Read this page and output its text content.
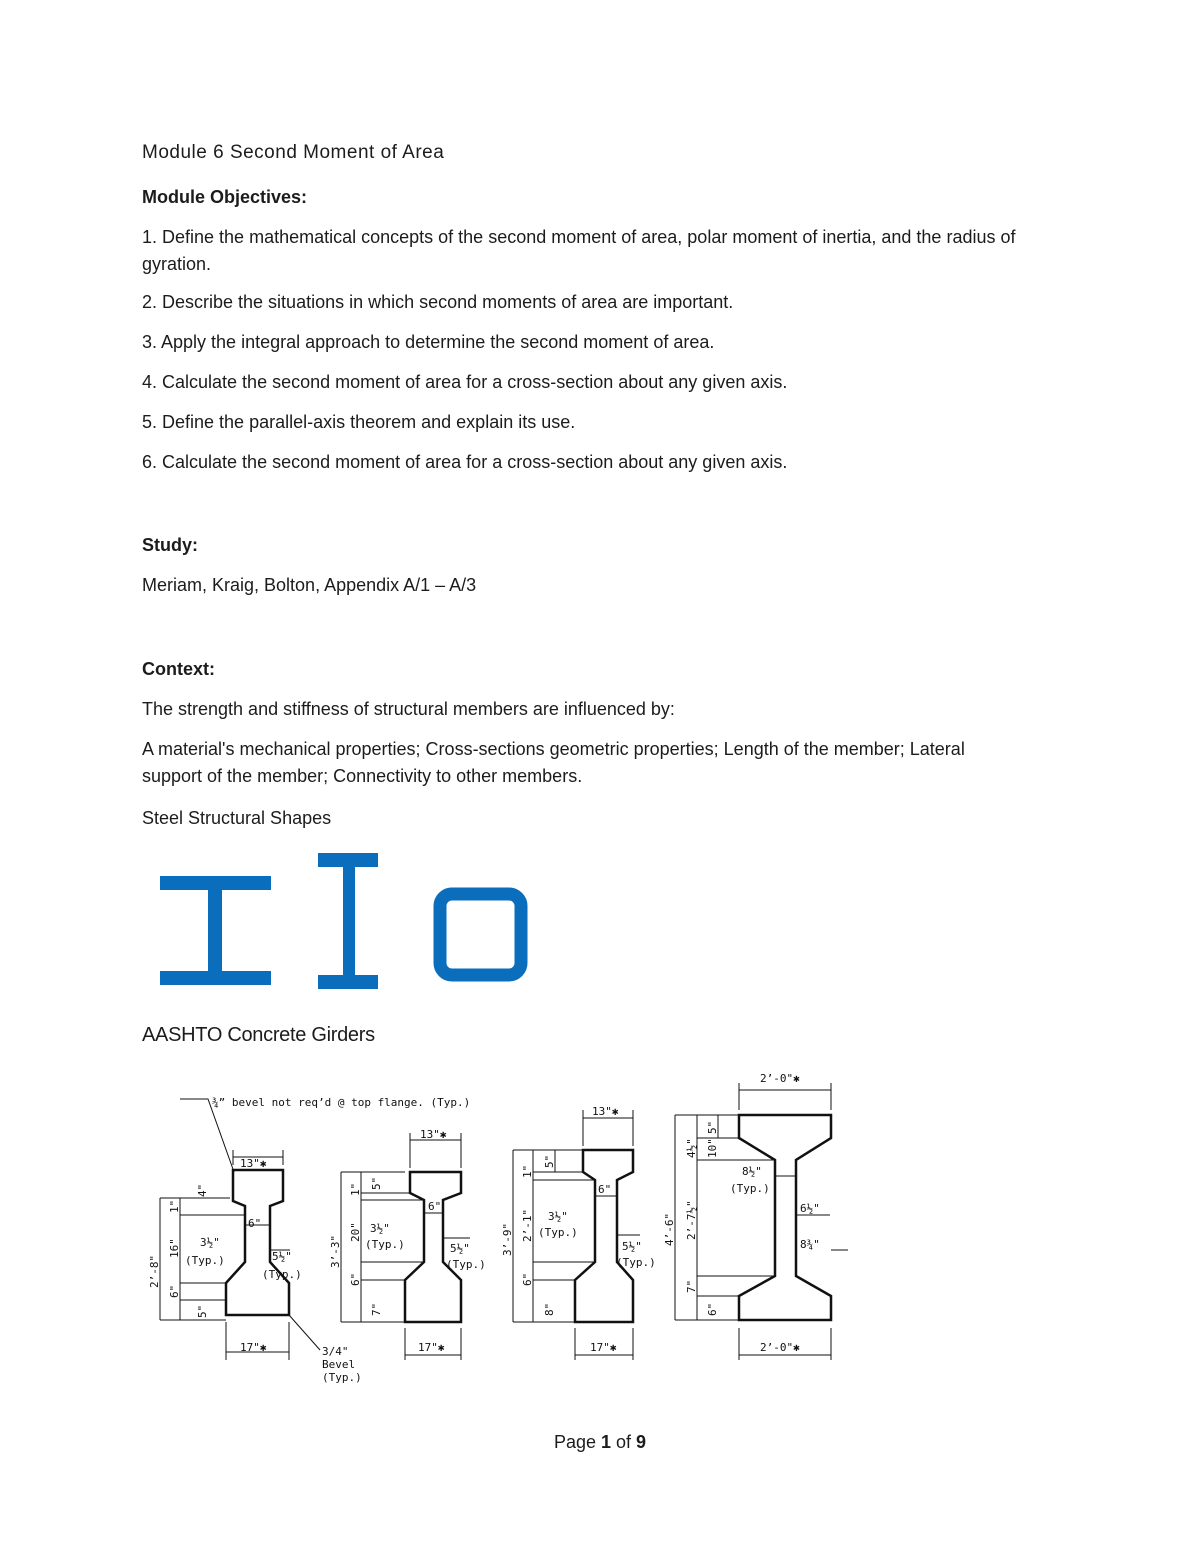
Module 6 Second Moment of Area
Module Objectives:
1. Define the mathematical concepts of the second moment of area, polar moment of inertia, and the radius of gyration.
2. Describe the situations in which second moments of area are important.
3. Apply the integral approach to determine the second moment of area.
4. Calculate the second moment of area for a cross-section about any given axis.
5. Define the parallel-axis theorem and explain its use.
6. Calculate the second moment of area for a cross-section about any given axis.
Study:
Meriam, Kraig, Bolton, Appendix A/1 – A/3
Context:
The strength and stiffness of structural members are influenced by:
A material's mechanical properties; Cross-sections geometric properties; Length of the member; Lateral support of the member; Connectivity to other members.
Steel Structural Shapes
AASHTO Concrete Girders
¾” bevel not req’d @ top flange. (Typ.)
13"✱
17"✱
6"
3½"
(Typ.)	5½"
(Typ.)
3/4"
Bevel
(Typ.)
2’-8"
4"
1"
16"
6"
5"
13"✱
17"✱
6"
3½"
(Typ.)	5½"
(Typ.)
3’-3"
5"
1"
20"
6"
7"
13"✱
17"✱
6"
3½"
(Typ.)
5½"
(Typ.)
3’-9"
5"
1"
2’-1"
6"
8"
2’-0"✱
2’-0"✱
8½"
(Typ.)
6½"
8¾"
4’-6"
5"
4½" 10"
2’-7½"
7"
6"
Page 1 of 9
